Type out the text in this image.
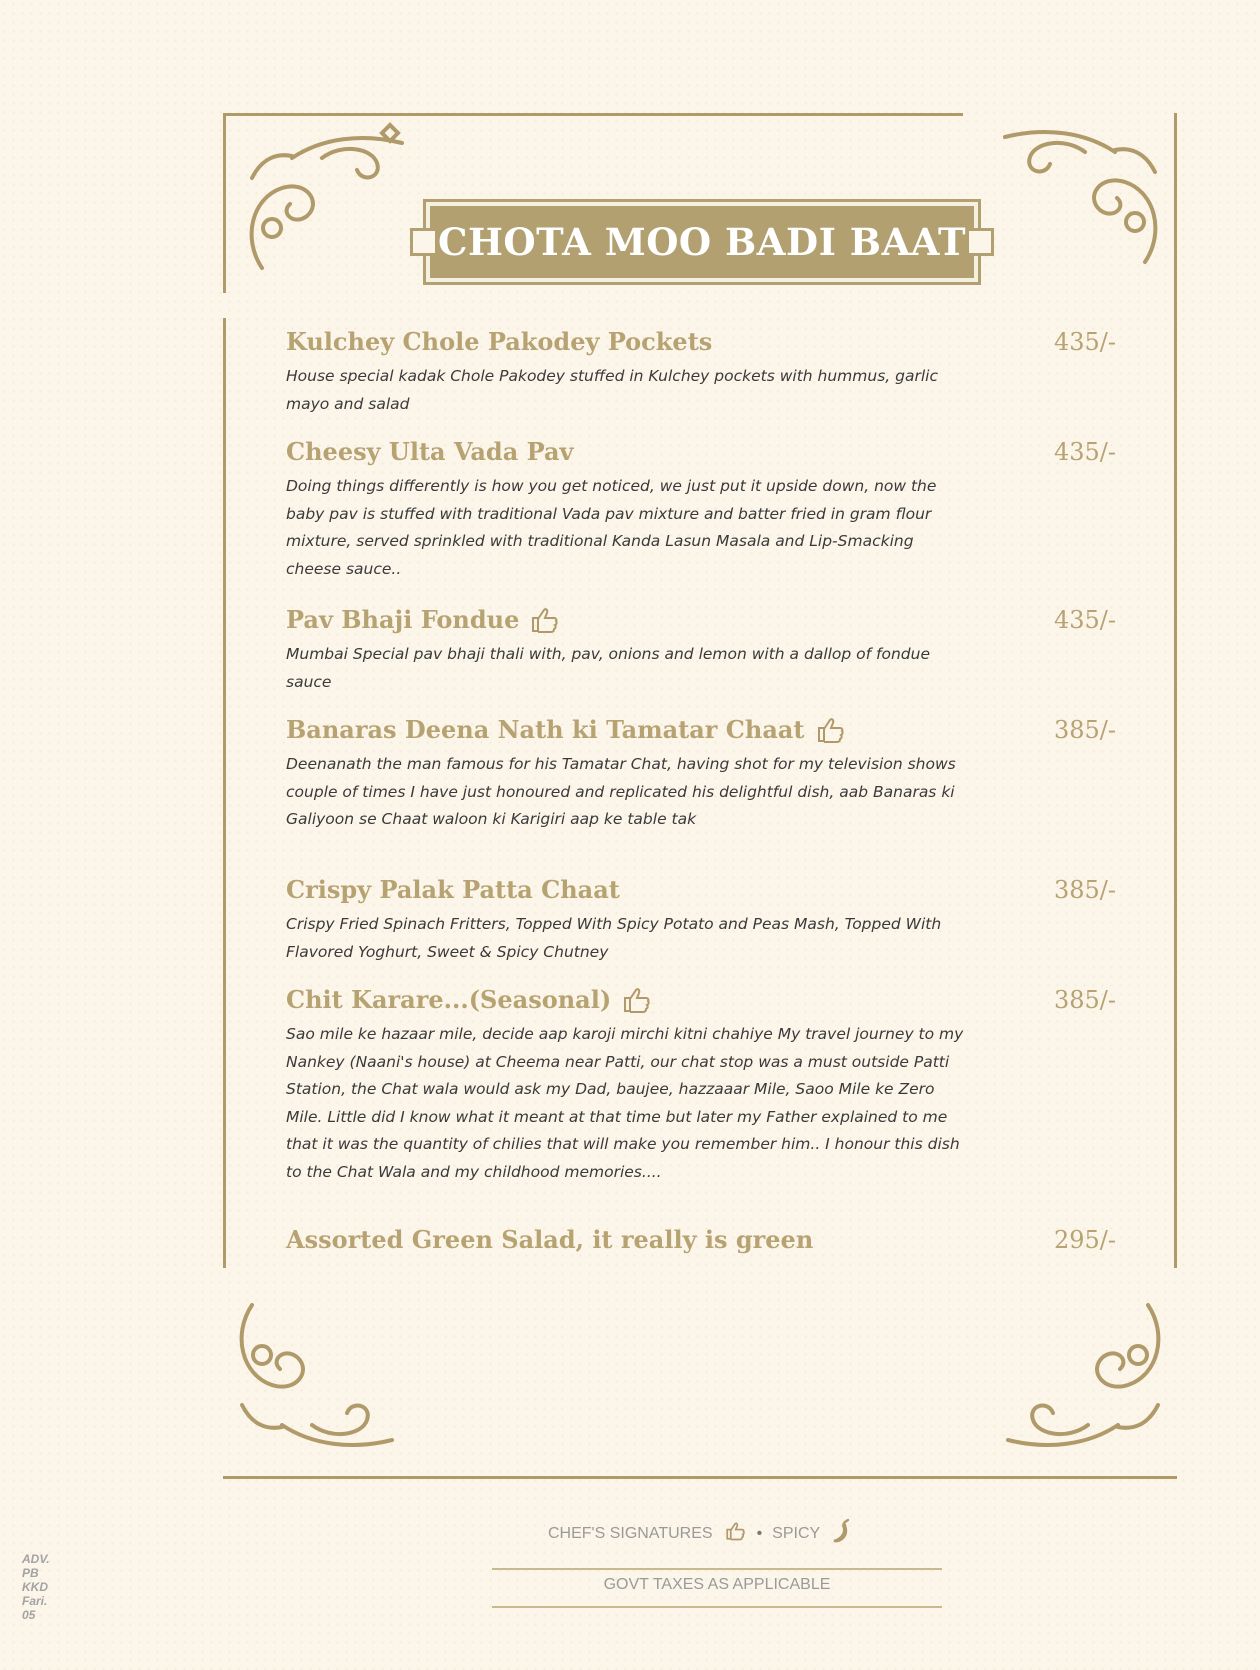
CHOTA MOO BADI BAAT
Kulchey Chole Pakodey Pockets	435/-

House special kadak Chole Pakodey stuffed in Kulchey pockets with hummus, garlic mayo and salad

Cheesy Ulta Vada Pav	435/-

Doing things differently is how you get noticed, we just put it upside down, now the baby pav is stuffed with traditional Vada pav mixture and batter fried in gram flour mixture, served sprinkled with traditional Kanda Lasun Masala and Lip-Smacking cheese sauce..

Pav Bhaji Fondue	435/-

Mumbai Special pav bhaji thali with, pav, onions and lemon with a dallop of fondue sauce

Banaras Deena Nath ki Tamatar Chaat	385/-

Deenanath the man famous for his Tamatar Chat, having shot for my television shows couple of times I have just honoured and replicated his delightful dish, aab Banaras ki Galiyoon se Chaat waloon ki Karigiri aap ke table tak

Crispy Palak Patta Chaat	385/-

Crispy Fried Spinach Fritters, Topped With Spicy Potato and Peas Mash, Topped With Flavored Yoghurt, Sweet & Spicy Chutney

Chit Karare...(Seasonal)	385/-

Sao mile ke hazaar mile, decide aap karoji mirchi kitni chahiye My travel journey to my Nankey (Naani's house) at Cheema near Patti, our chat stop was a must outside Patti Station, the Chat wala would ask my Dad, baujee, hazzaaar Mile, Saoo Mile ke Zero Mile. Little did I know what it meant at that time but later my Father explained to me that it was the quantity of chilies that will make you remember him.. I honour this dish to the Chat Wala and my childhood memories....

Assorted Green Salad, it really is green	295/-
CHEF'S SIGNATURES	• SPICY
GOVT TAXES AS APPLICABLE
ADV.
PB
KKD
Fari.
05
